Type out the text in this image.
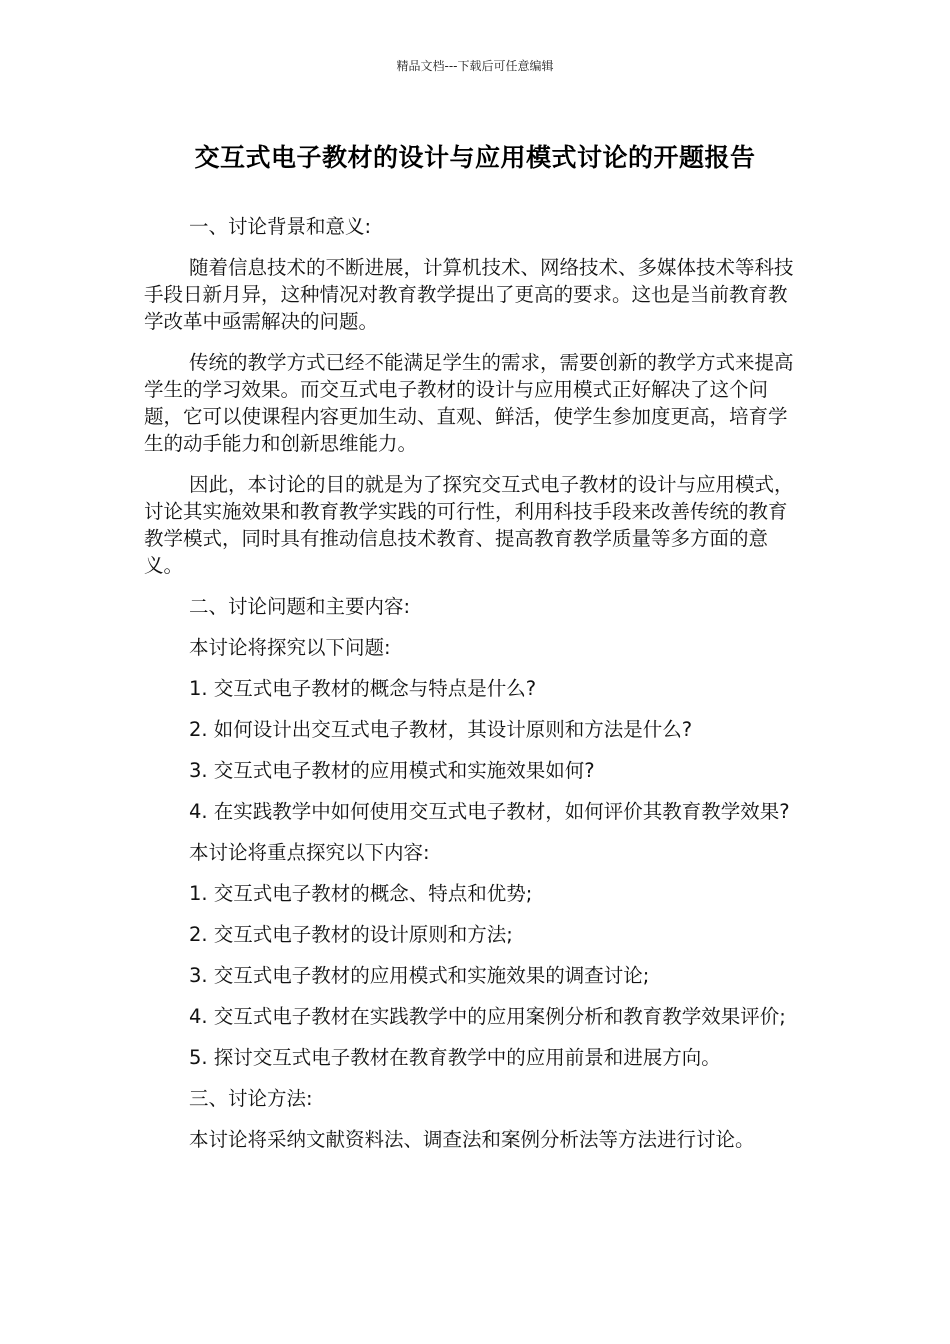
精品文档---下载后可任意编辑
交互式电子教材的设计与应用模式讨论的开题报告

一、讨论背景和意义:

随着信息技术的不断进展，计算机技术、网络技术、多媒体技术等科技手段日新月异，这种情况对教育教学提出了更高的要求。这也是当前教育教学改革中亟需解决的问题。

传统的教学方式已经不能满足学生的需求，需要创新的教学方式来提高学生的学习效果。而交互式电子教材的设计与应用模式正好解决了这个问题，它可以使课程内容更加生动、直观、鲜活，使学生参加度更高，培育学生的动手能力和创新思维能力。

因此，本讨论的目的就是为了探究交互式电子教材的设计与应用模式，讨论其实施效果和教育教学实践的可行性，利用科技手段来改善传统的教育教学模式，同时具有推动信息技术教育、提高教育教学质量等多方面的意义。

二、讨论问题和主要内容:

本讨论将探究以下问题:

1. 交互式电子教材的概念与特点是什么?

2. 如何设计出交互式电子教材，其设计原则和方法是什么?

3. 交互式电子教材的应用模式和实施效果如何?

4. 在实践教学中如何使用交互式电子教材，如何评价其教育教学效果?

本讨论将重点探究以下内容:

1. 交互式电子教材的概念、特点和优势;

2. 交互式电子教材的设计原则和方法;

3. 交互式电子教材的应用模式和实施效果的调查讨论;

4. 交互式电子教材在实践教学中的应用案例分析和教育教学效果评价;

5. 探讨交互式电子教材在教育教学中的应用前景和进展方向。

三、讨论方法:

本讨论将采纳文献资料法、调查法和案例分析法等方法进行讨论。
